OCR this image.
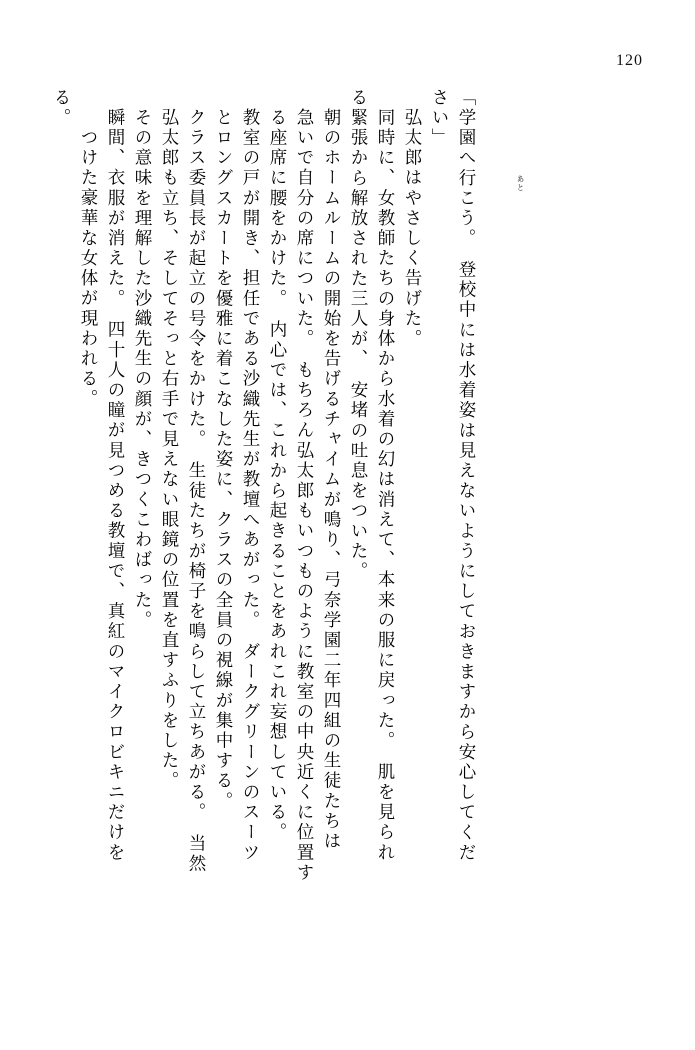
120
る。
つけた豪華な女体が現われる。 瞬間、衣服が消えた。　四十人の瞳が見つめる教壇で、真紅のマイクロビキニだけを その意味を理解した沙織先生の顔が、きつくこわばった。 弘太郎も立ち、そしてそっと右手で見えない眼鏡の位置を直すふりをした。 クラス委員長が起立の号令をかけた。　生徒たちが椅子を鳴らして立ちあがる。　当然 とロングスカートを優雅に着こなした姿に、クラスの全員の視線が集中する。 教室の戸が開き、担任である沙織先生が教壇へあがった。　ダークグリーンのスーツ る座席に腰をかけた。　内心では、これから起きることをあれこれ妄想している。 急いで自分の席についた。　もちろん弘太郎もいつものように教室の中央近くに位置す 朝のホームルームの開始を告げるチャイムが鳴り、弓奈学園二年四組の生徒たちは る緊張から解放された三人が、　安堵の吐息をついた。 同時に、女教師たちの身体から水着の幻は消えて、本来の服に戻った。　肌を見られ 弘太郎はやさしく告げた。 さい」 「学園へ行こう。　登校中には水着姿は見えないようにしておきますから安心してくだ	あと
